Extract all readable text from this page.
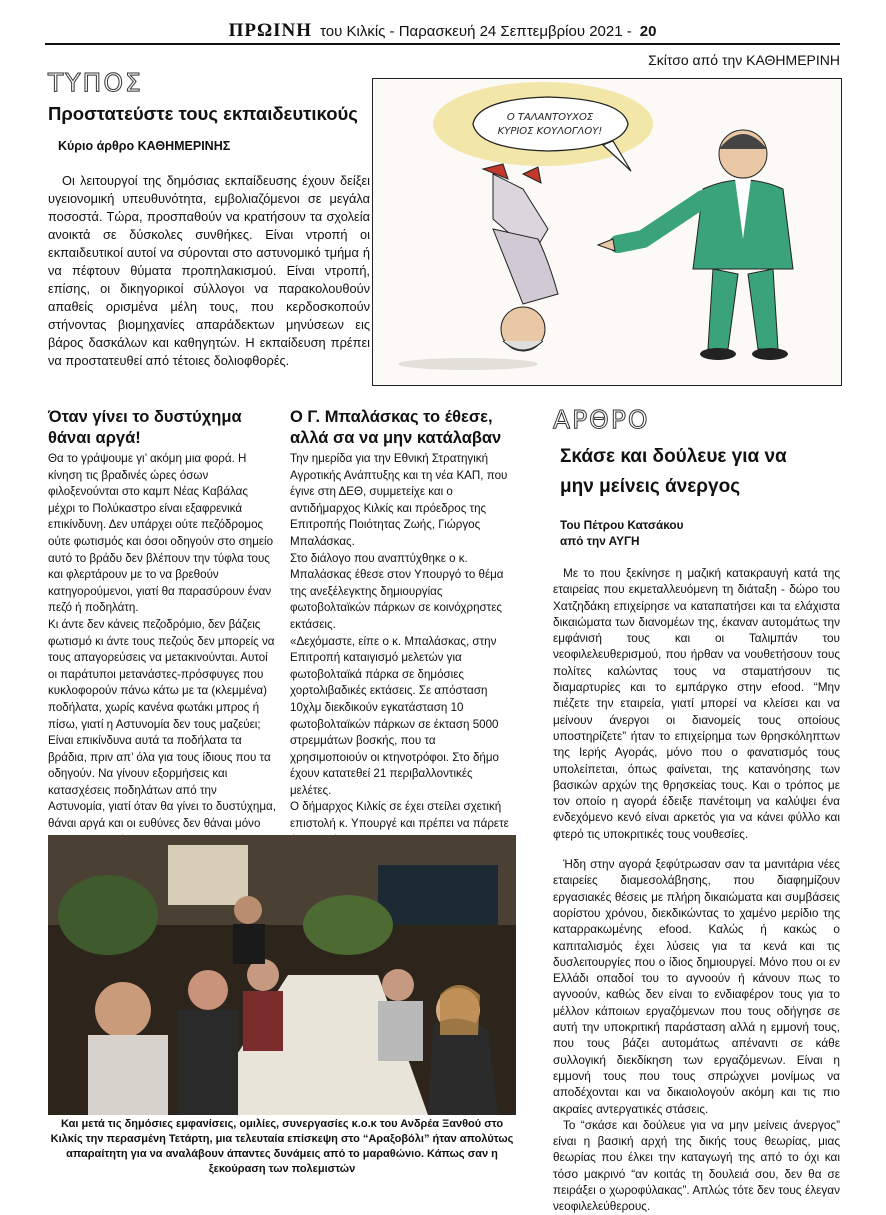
ΠΡΩΙΝΗ του Κιλκίς - Παρασκευή 24 Σεπτεμβρίου 2021 - 20
Σκίτσο από την ΚΑΘΗΜΕΡΙΝΗ
ΤΥΠΟΣ
Προστατεύστε τους εκπαιδευτικούς
Κύριο άρθρο ΚΑΘΗΜΕΡΙΝΗΣ
Οι λειτουργοί της δημόσιας εκπαίδευσης έχουν δείξει υγειονομική υπευθυνότητα, εμβολιαζόμενοι σε μεγάλα ποσοστά. Τώρα, προσπαθούν να κρατήσουν τα σχολεία ανοικτά σε δύσκολες συνθήκες. Είναι ντροπή οι εκπαιδευτικοί αυτοί να σύρονται στο αστυνομικό τμήμα ή να πέφτουν θύματα προπηλακισμού. Είναι ντροπή, επίσης, οι δικηγορικοί σύλλογοι να παρακολουθούν απαθείς ορισμένα μέλη τους, που κερδοσκοπούν στήνοντας βιομηχανίες απαράδεκτων μηνύσεων εις βάρος δασκάλων και καθηγητών. Η εκπαίδευση πρέπει να προστατευθεί από τέτοιες δολιοφθορές.
Ο ΤΑΛΑΝΤΟΥΧΟΣ
ΚΥΡΙΟΣ ΚΟΥΛΟΓΛΟΥ!
Όταν γίνει το δυστύχημα θάναι αργά!

Θα το γράψουμε γι’ ακόμη μια φορά. Η κίνηση τις βραδινές ώρες όσων φιλοξενούνται στο καμπ Νέας Καβάλας μέχρι το Πολύκαστρο είναι εξαφρενικά επικίνδυνη. Δεν υπάρχει ούτε πεζόδρομος ούτε φωτισμός και όσοι οδηγούν στο σημείο αυτό το βράδυ δεν βλέπουν την τύφλα τους και φλερτάρουν με το να βρεθούν κατηγορούμενοι, γιατί θα παρασύρουν έναν πεζό ή ποδηλάτη.

Κι άντε δεν κάνεις πεζοδρόμιο, δεν βάζεις φωτισμό κι άντε τους πεζούς δεν μπορείς να τους απαγορεύσεις να μετακινούνται. Αυτοί οι παράτυποι μετανάστες-πρόσφυγες που κυκλοφορούν πάνω κάτω με τα (κλεμμένα) ποδήλατα, χωρίς κανένα φωτάκι μπρος ή πίσω, γιατί η Αστυνομία δεν τους μαζεύει; Είναι επικίνδυνα αυτά τα ποδήλατα τα βράδια, πριν απ’ όλα για τους ίδιους που τα οδηγούν. Να γίνουν εξορμήσεις και κατασχέσεις ποδηλάτων από την Αστυνομία, γιατί όταν θα γίνει το δυστύχημα, θάναι αργά και οι ευθύνες δεν θάναι μόνο

Ο Γ. Μπαλάσκας το έθεσε, αλλά σα να μην κατάλαβαν

Την ημερίδα για την Εθνική Στρατηγική Αγροτικής Ανάπτυξης και τη νέα ΚΑΠ, που έγινε στη ΔΕΘ, συμμετείχε και ο αντιδήμαρχος Κιλκίς και πρόεδρος της Επιτροπής Ποιότητας Ζωής, Γιώργος Μπαλάσκας.

Στο διάλογο που αναπτύχθηκε ο κ. Μπαλάσκας έθεσε στον Υπουργό το θέμα της ανεξέλεγκτης δημιουργίας φωτοβολταϊκών πάρκων σε κοινόχρηστες εκτάσεις.

«Δεχόμαστε, είπε ο κ. Μπαλάσκας, στην Επιτροπή καταιγισμό μελετών για φωτοβολταϊκά πάρκα σε δημόσιες χορτολιβαδικές εκτάσεις. Σε απόσταση 10χλμ διεκδικούν εγκατάσταση 10 φωτοβολταϊκών πάρκων σε έκταση 5000 στρεμμάτων βοσκής, που τα χρησιμοποιούν οι κτηνοτρόφοι. Στο δήμο έχουν κατατεθεί 21 περιβαλλοντικές μελέτες.

Ο δήμαρχος Κιλκίς σε έχει στείλει σχετική επιστολή κ. Υπουργέ και πρέπει να πάρετε

Και μετά τις δημόσιες εμφανίσεις, ομιλίες, συνεργασίες κ.ο.κ του Ανδρέα Ξανθού στο Κιλκίς την περασμένη Τετάρτη, μια τελευταία επίσκεψη στο “Αραξοβόλι” ήταν απολύτως απαραίτητη για να αναλάβουν άπαντες δυνάμεις από το μαραθώνιο. Κάπως σαν η ξεκούραση των πολεμιστών
ΑΡΘΡΟ
Σκάσε και δούλευε για να μην μείνεις άνεργος
Του Πέτρου Κατσάκου
από την ΑΥΓΗ

Με το που ξεκίνησε η μαζική κατακραυγή κατά της εταιρείας που εκμεταλλευόμενη τη διάταξη - δώρο του Χατζηδάκη επιχείρησε να καταπατήσει και τα ελάχιστα δικαιώματα των διανομέων της, έκαναν αυτομάτως την εμφάνισή τους και οι Ταλιμπάν του νεοφιλελευθερισμού, που ήρθαν να νουθετήσουν τους πολίτες καλώντας τους να σταματήσουν τις διαμαρτυρίες και το εμπάργκο στην efood. “Μην πιέζετε την εταιρεία, γιατί μπορεί να κλείσει και να μείνουν άνεργοι οι διανομείς τους οποίους υποστηρίζετε” ήταν το επιχείρημα των θρησκόληπτων της Ιερής Αγοράς, μόνο που ο φανατισμός τους υπολείπεται, όπως φαίνεται, της κατανόησης των βασικών αρχών της θρησκείας τους. Και ο τρόπος με τον οποίο η αγορά έδειξε πανέτοιμη να καλύψει ένα ενδεχόμενο κενό είναι αρκετός για να κάνει φύλλο και φτερό τις υποκριτικές τους νουθεσίες.

Ήδη στην αγορά ξεφύτρωσαν σαν τα μανιτάρια νέες εταιρείες διαμεσολάβησης, που διαφημίζουν εργασιακές θέσεις με πλήρη δικαιώματα και συμβάσεις αορίστου χρόνου, διεκδικώντας το χαμένο μερίδιο της καταρρακωμένης efood. Καλώς ή κακώς ο καπιταλισμός έχει λύσεις για τα κενά και τις δυσλειτουργίες που ο ίδιος δημιουργεί. Μόνο που οι εν Ελλάδι οπαδοί του το αγνοούν ή κάνουν πως το αγνοούν, καθώς δεν είναι το ενδιαφέρον τους για το μέλλον κάποιων εργαζόμενων που τους οδήγησε σε αυτή την υποκριτική παράσταση αλλά η εμμονή τους, που τους βάζει αυτομάτως απέναντι σε κάθε συλλογική διεκδίκηση των εργαζόμενων. Είναι η εμμονή τους που τους σπρώχνει μονίμως να αποδέχονται και να δικαιολογούν ακόμη και τις πιο ακραίες αντεργατικές στάσεις.

Το “σκάσε και δούλευε για να μην μείνεις άνεργος” είναι η βασική αρχή της δικής τους θεωρίας, μιας θεωρίας που έλκει την καταγωγή της από το όχι και τόσο μακρινό “αν κοιτάς τη δουλειά σου, δεν θα σε πειράξει ο χωροφύλακας”. Απλώς τότε δεν τους έλεγαν νεοφιλελεύθερους.
